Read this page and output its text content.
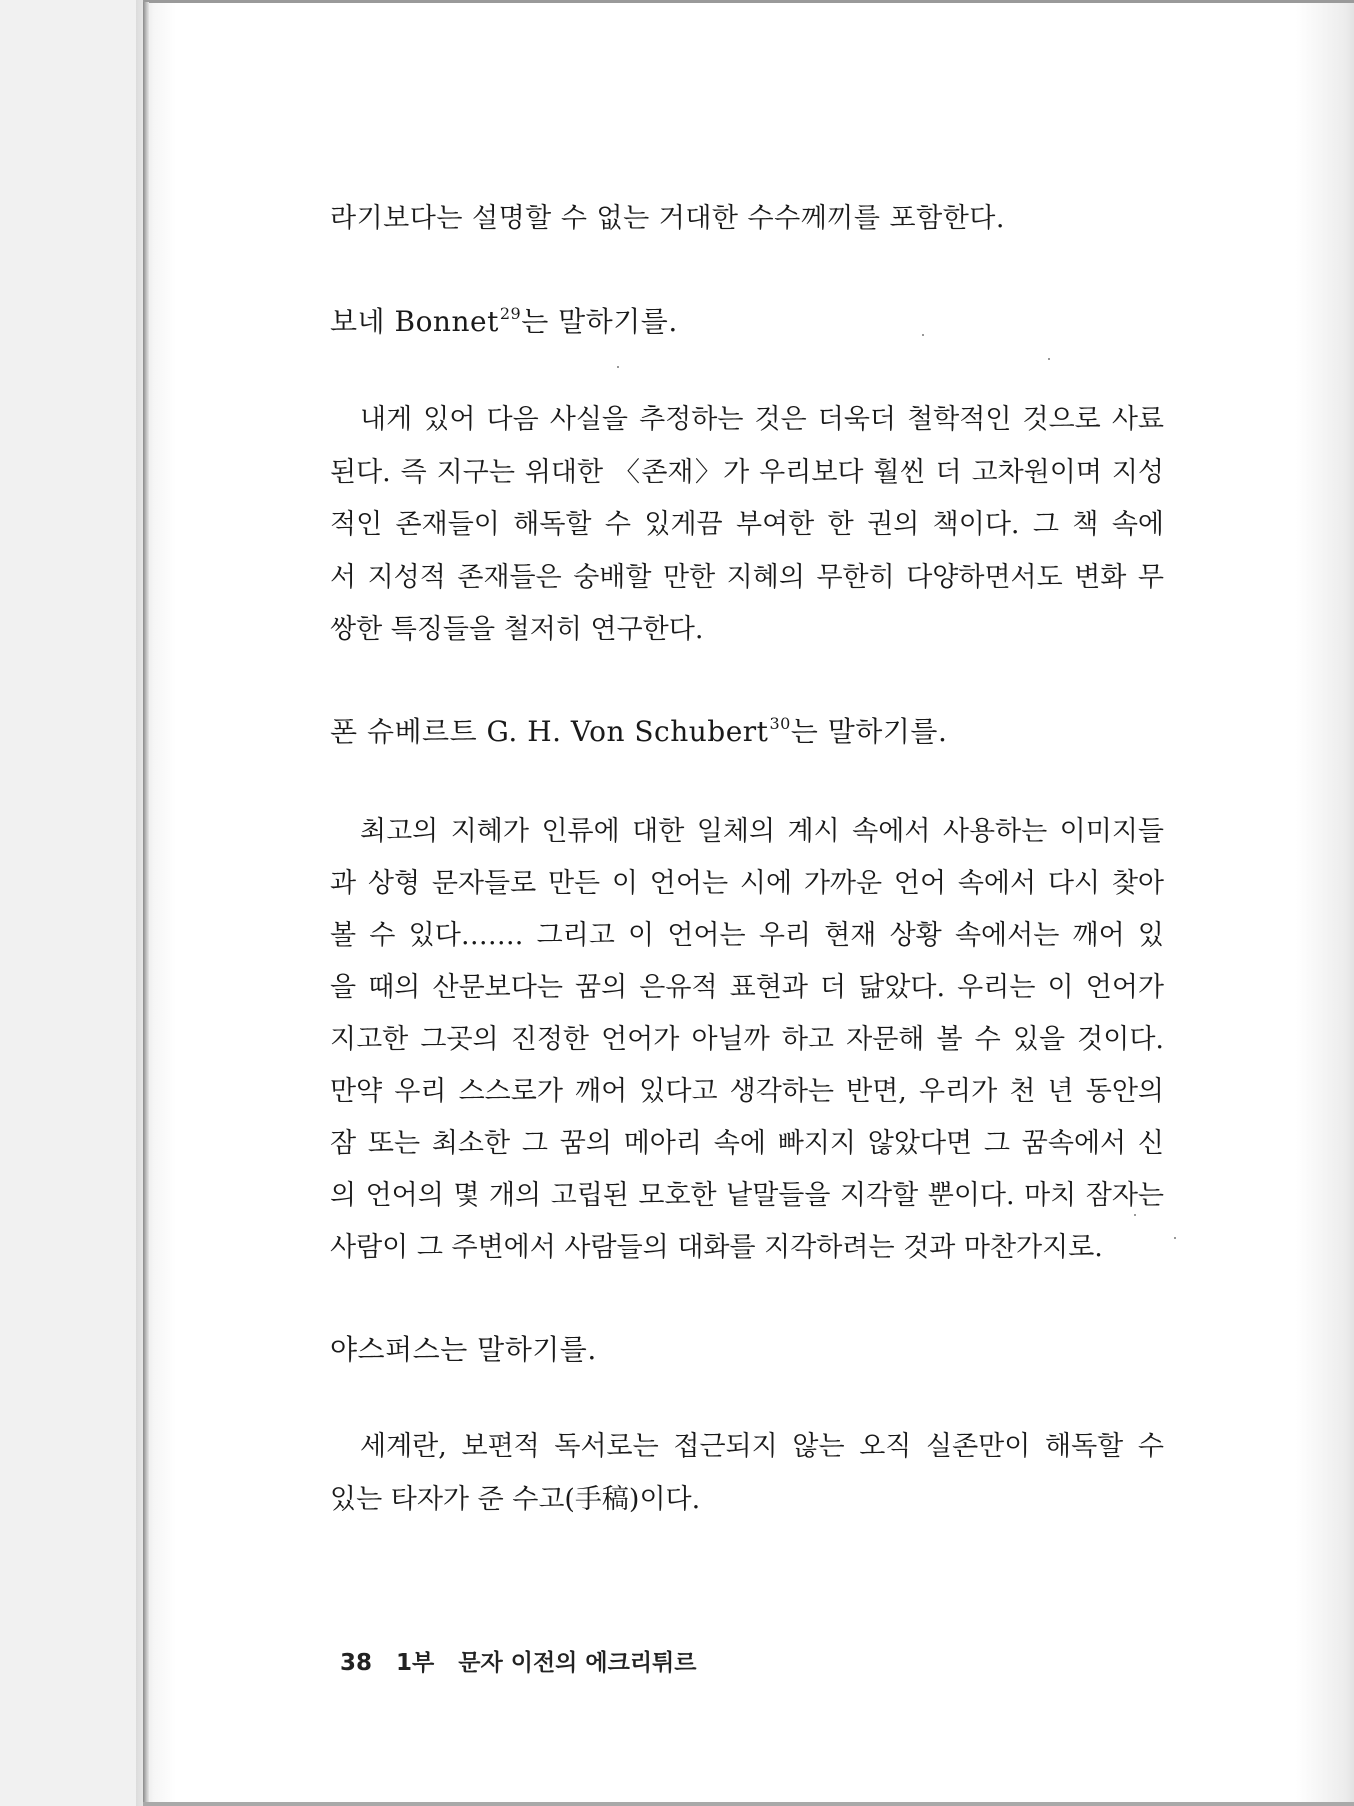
라기보다는 설명할 수 없는 거대한 수수께끼를 포함한다.
보네 Bonnet$^{29}$는 말하기를.
내게 있어 다음 사실을 추정하는 것은 더욱더 철학적인 것으로 사료
된다. 즉 지구는 위대한 〈존재〉가 우리보다 훨씬 더 고차원이며 지성
적인 존재들이 해독할 수 있게끔 부여한 한 권의 책이다. 그 책 속에
서 지성적 존재들은 숭배할 만한 지혜의 무한히 다양하면서도 변화 무
쌍한 특징들을 철저히 연구한다.
폰 슈베르트 G. H. Von Schubert$^{30}$는 말하기를.
최고의 지혜가 인류에 대한 일체의 계시 속에서 사용하는 이미지들
과 상형 문자들로 만든 이 언어는 시에 가까운 언어 속에서 다시 찾아
볼 수 있다……. 그리고 이 언어는 우리 현재 상황 속에서는 깨어 있
을 때의 산문보다는 꿈의 은유적 표현과 더 닮았다. 우리는 이 언어가
지고한 그곳의 진정한 언어가 아닐까 하고 자문해 볼 수 있을 것이다.
만약 우리 스스로가 깨어 있다고 생각하는 반면, 우리가 천 년 동안의
잠 또는 최소한 그 꿈의 메아리 속에 빠지지 않았다면 그 꿈속에서 신
의 언어의 몇 개의 고립된 모호한 낱말들을 지각할 뿐이다. 마치 잠자는
사람이 그 주변에서 사람들의 대화를 지각하려는 것과 마찬가지로.
야스퍼스는 말하기를.
세계란, 보편적 독서로는 접근되지 않는 오직 실존만이 해독할 수
있는 타자가 준 수고(手稿)이다.
38 1부 문자 이전의 에크리튀르
